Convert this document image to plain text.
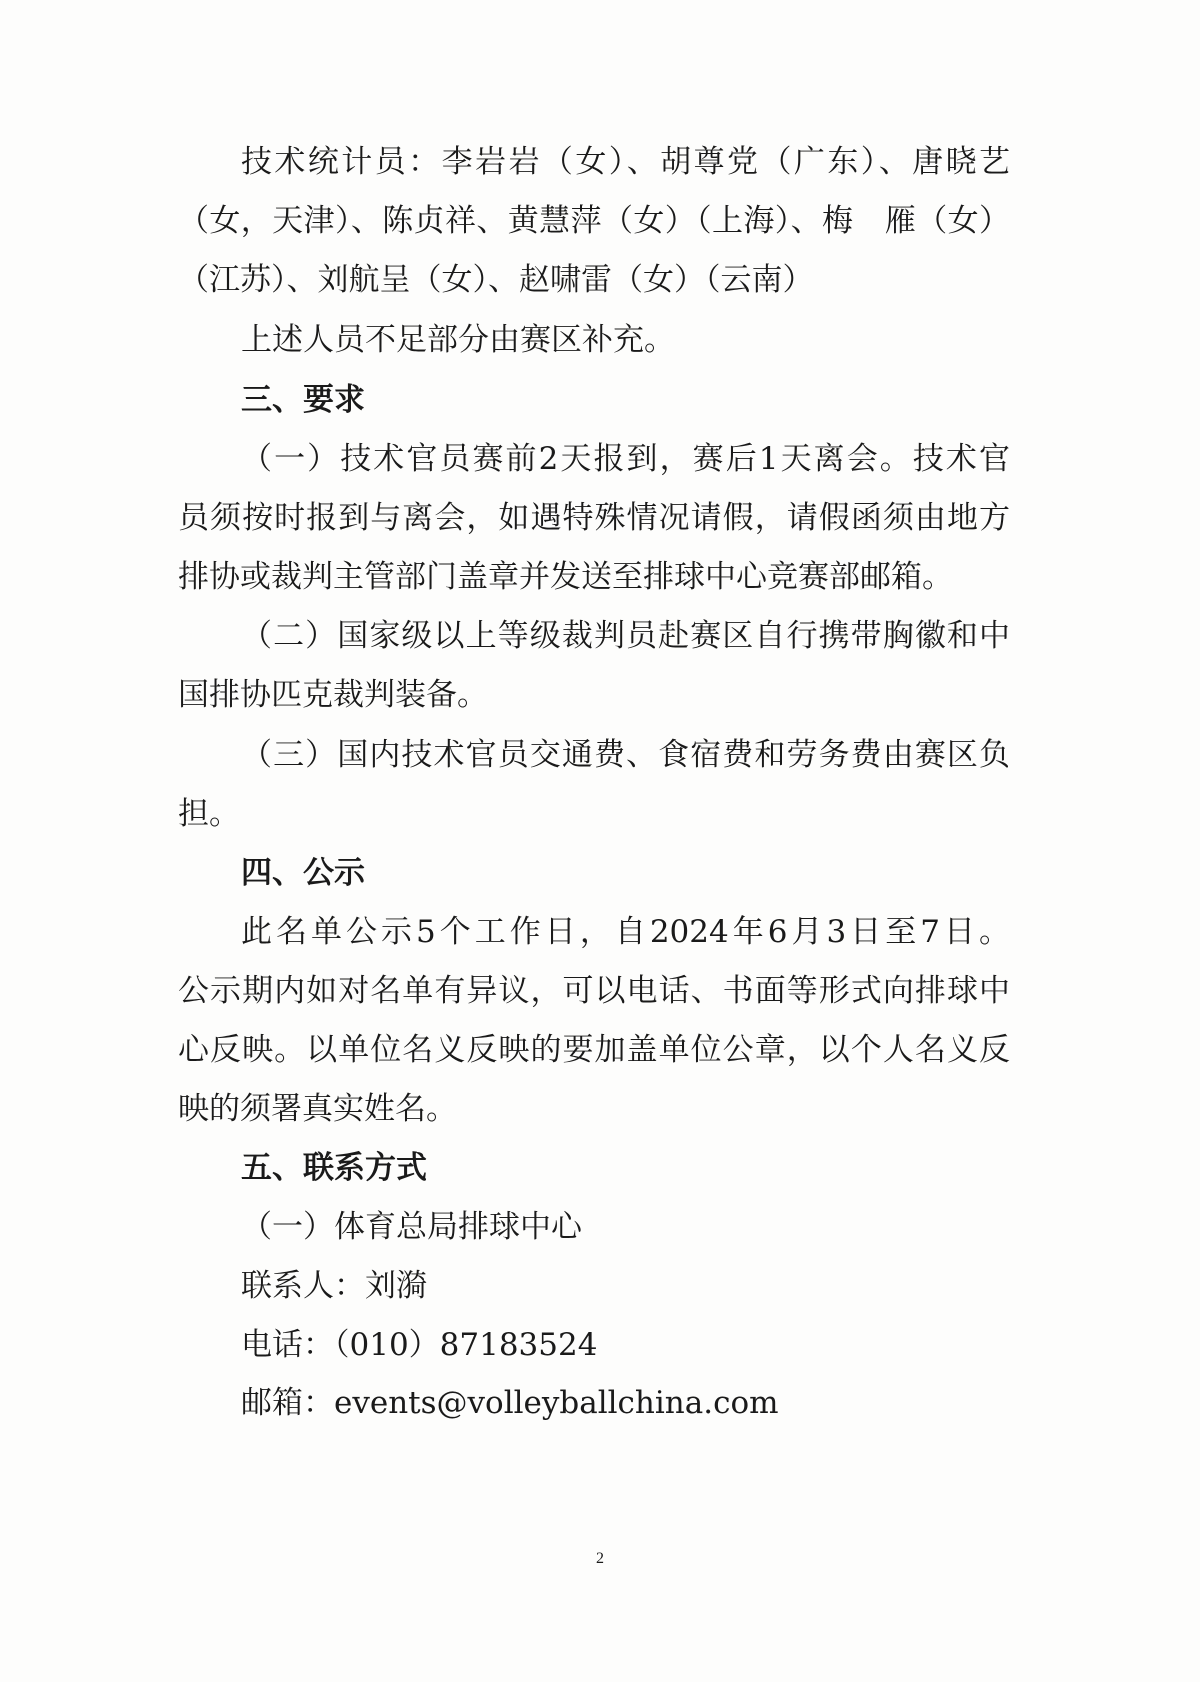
技术统计员：李岩岩（女）、胡尊党（广东）、唐晓艺
（女，天津）、陈贞祥、黄慧萍（女）（上海）、梅　雁（女）
（江苏）、刘航呈（女）、赵啸雷（女）（云南）
上述人员不足部分由赛区补充。
三、要求
（一）技术官员赛前2天报到，赛后1天离会。技术官
员须按时报到与离会，如遇特殊情况请假，请假函须由地方
排协或裁判主管部门盖章并发送至排球中心竞赛部邮箱。
（二）国家级以上等级裁判员赴赛区自行携带胸徽和中
国排协匹克裁判装备。
（三）国内技术官员交通费、食宿费和劳务费由赛区负
担。
四、公示
此名单公示5个工作日，自2024年6月3日至7日。
公示期内如对名单有异议，可以电话、书面等形式向排球中
心反映。以单位名义反映的要加盖单位公章，以个人名义反
映的须署真实姓名。
五、联系方式
（一）体育总局排球中心
联系人：刘漪
电话：（010）87183524
邮箱：events@volleyballchina.com
2
